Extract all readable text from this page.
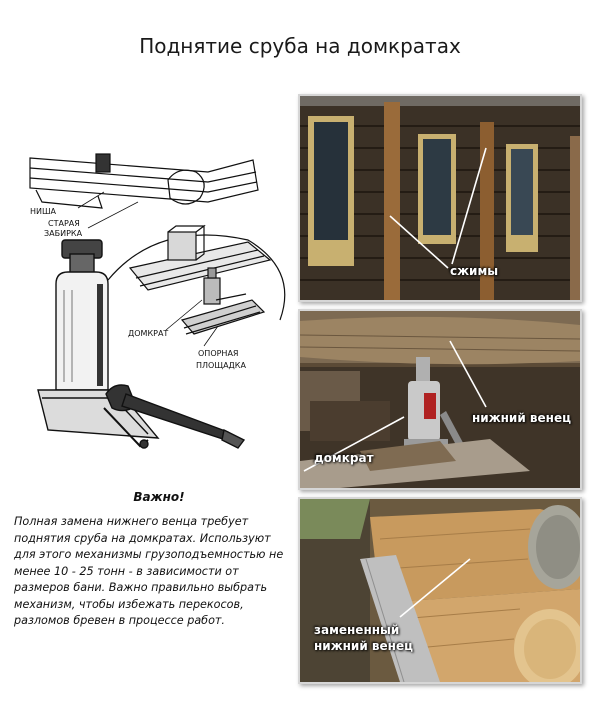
Поднятие сруба на домкратах
НИША
СТАРАЯ
ЗАБИРКА
ДОМКРАТ
ОПОРНАЯ
ПЛОЩАДКА
Важно!
Полная замена нижнего венца требует
поднятия сруба на домкратах. Используют
для этого механизмы грузоподъемностью не
менее 10 - 25 тонн - в зависимости от
размеров бани. Важно правильно выбрать
механизм, чтобы избежать перекосов,
разломов бревен в процессе работ.
сжимы
нижний венец
домкрат
замененный
нижний венец
